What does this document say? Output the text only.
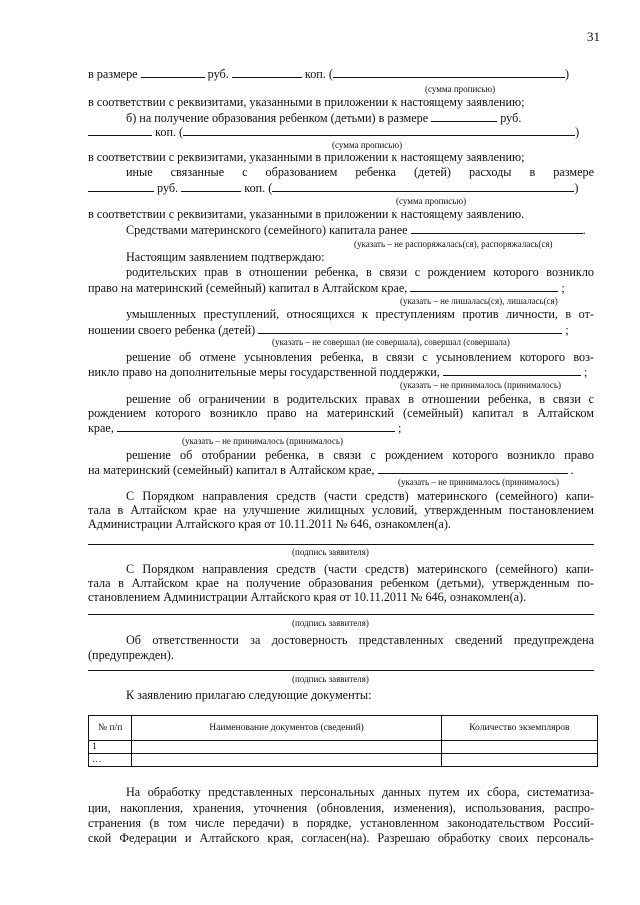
31
в размере	руб.	коп. (	)
(сумма прописью)
в соответствии с реквизитами, указанными в приложении к настоящему заявлению;
б) на получение образования ребенком (детьми) в размере	руб.
коп. (	)
(сумма прописью)
в соответствии с реквизитами, указанными в приложении к настоящему заявлению;
иные связанные с образованием ребенка (детей) расходы в размере
руб.	коп. (	)
(сумма прописью)
в соответствии с реквизитами, указанными в приложении к настоящему заявлению.
Средствами материнского (семейного) капитала ранее	.
(указать – не распоряжалась(ся), распоряжалась(ся)
Настоящим заявлением подтверждаю:
родительских прав в отношении ребенка, в связи с рождением которого возникло
право на материнский (семейный) капитал в Алтайском крае,	;
(указать – не лишалась(ся), лишалась(ся)
умышленных преступлений, относящихся к преступлениям против личности, в от-
ношении своего ребенка (детей)	;
(указать – не совершал (не совершала), совершал (совершала)
решение об отмене усыновления ребенка, в связи с усыновлением которого воз-
никло право на дополнительные меры государственной поддержки,	;
(указать – не принималось (принималось)
решение об ограничении в родительских правах в отношении ребенка, в связи с
рождением которого возникло право на материнский (семейный) капитал в Алтайском
крае,	;
(указать – не принималось (принималось)
решение об отобрании ребенка, в связи с рождением которого возникло право
на материнский (семейный) капитал в Алтайском крае,	.
(указать – не принималось (принималось)
С Порядком направления средств (части средств) материнского (семейного) капи-
тала в Алтайском крае на улучшение жилищных условий, утвержденным постановлением
Администрации Алтайского края от 10.11.2011 № 646, ознакомлен(а).
(подпись заявителя)
С Порядком направления средств (части средств) материнского (семейного) капи-
тала в Алтайском крае на получение образования ребенком (детьми), утвержденным по-
становлением Администрации Алтайского края от 10.11.2011 № 646, ознакомлен(а).
(подпись заявителя)
Об ответственности за достоверность представленных сведений предупреждена
(предупрежден).
(подпись заявителя)
К заявлению прилагаю следующие документы:
№ п/п	Наименование документов (сведений)	Количество экземпляров
1		
…		
На обработку представленных персональных данных путем их сбора, систематиза-
ции, накопления, хранения, уточнения (обновления, изменения), использования, распро-
странения (в том числе передачи) в порядке, установленном законодательством Россий-
ской Федерации и Алтайского края, согласен(на). Разрешаю обработку своих персональ-
